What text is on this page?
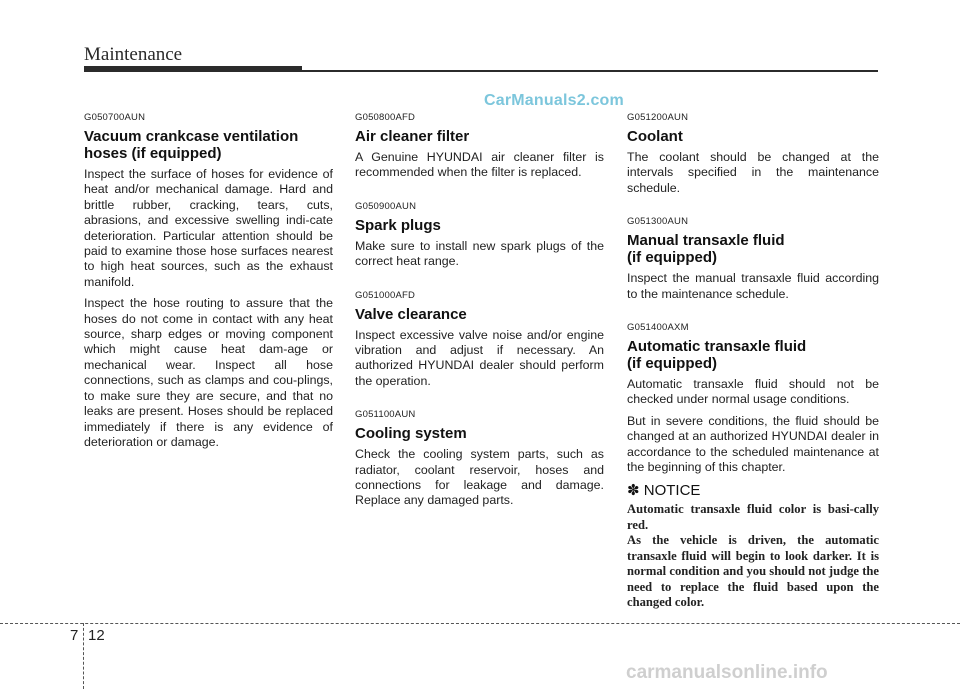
Maintenance
CarManuals2.com
G050700AUN
Vacuum crankcase ventilation
hoses (if equipped)

Inspect the surface of hoses for evidence of heat and/or mechanical damage. Hard and brittle rubber, cracking, tears, cuts, abrasions, and excessive swelling indi-cate deterioration. Particular attention should be paid to examine those hose surfaces nearest to high heat sources, such as the exhaust manifold.

Inspect the hose routing to assure that the hoses do not come in contact with any heat source, sharp edges or moving component which might cause heat dam-age or mechanical wear. Inspect all hose connections, such as clamps and cou-plings, to make sure they are secure, and that no leaks are present. Hoses should be replaced immediately if there is any evidence of deterioration or damage.

G050800AFD
Air cleaner filter

A Genuine HYUNDAI air cleaner filter is recommended when the filter is replaced.

G050900AUN
Spark plugs

Make sure to install new spark plugs of the correct heat range.

G051000AFD
Valve clearance

Inspect excessive valve noise and/or engine vibration and adjust if necessary. An authorized HYUNDAI dealer should perform the operation.

G051100AUN
Cooling system

Check the cooling system parts, such as radiator, coolant reservoir, hoses and connections for leakage and damage. Replace any damaged parts.

G051200AUN
Coolant

The coolant should be changed at the intervals specified in the maintenance schedule.

G051300AUN
Manual transaxle fluid
(if equipped)

Inspect the manual transaxle fluid according to the maintenance schedule.

G051400AXM
Automatic transaxle fluid
(if equipped)

Automatic transaxle fluid should not be checked under normal usage conditions.

But in severe conditions, the fluid should be changed at an authorized HYUNDAI dealer in accordance to the scheduled maintenance at the beginning of this chapter.

✽ NOTICE

Automatic transaxle fluid color is basi-cally red.

As the vehicle is driven, the automatic transaxle fluid will begin to look darker. It is normal condition and you should not judge the need to replace the fluid based upon the changed color.

7 12
carmanualsonline.info
